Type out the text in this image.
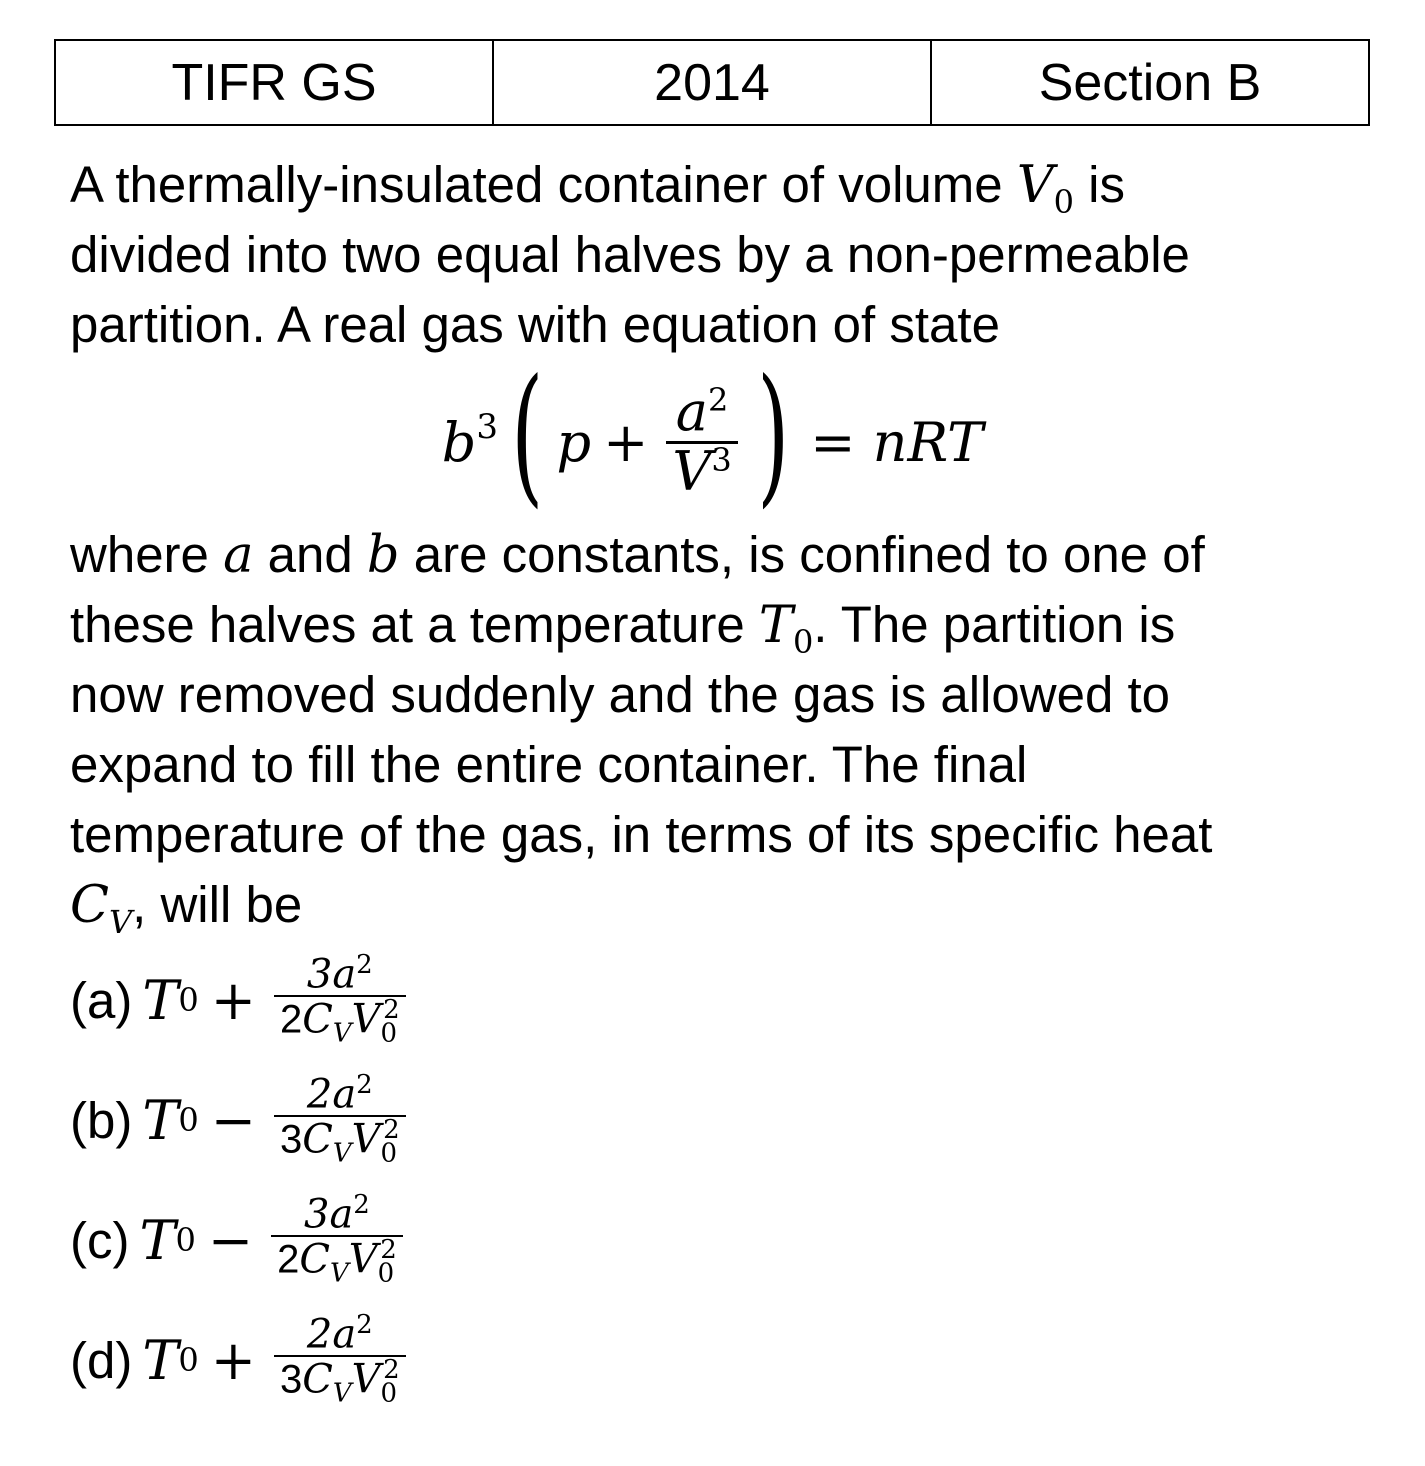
TIFR GS	2014	Section B

A thermally-insulated container of volume $V_0$ is

divided into two equal halves by a non-permeable

partition. A real gas with equation of state

$b^3$ ( $p + \frac{a^2}{V^3}$ ) = nRT

where a and b are constants, is confined to one of

these halves at a temperature $T_0$. The partition is

now removed suddenly and the gas is allowed to

expand to fill the entire container. The final

temperature of the gas, in terms of its specific heat

$C_V$, will be

(a) T $0 + \frac{3a^2}{2C_VV_0^2}$
(b) T $0 - \frac{2a^2}{3C_VV_0^2}$
(c) T $0 - \frac{3a^2}{2C_VV_0^2}$
(d) T $0 + \frac{2a^2}{3C_VV_0^2}$
